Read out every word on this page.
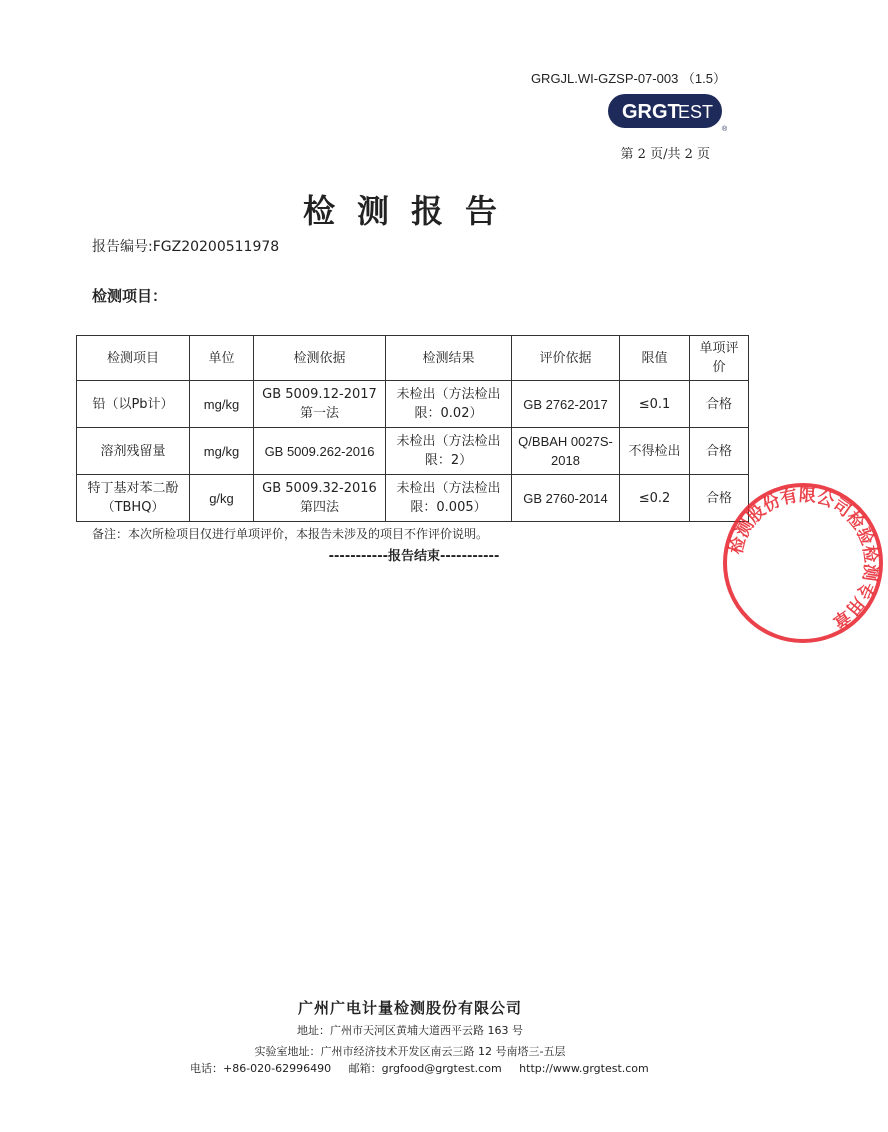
GRGJL.WI-GZSP-07-003 （1.5）
GRGT
EST
®
第 2 页/共 2 页
检测报告
报告编号:FGZ20200511978
检测项目：
检测项目	单位	检测依据	检测结果	评价依据	限值	单项评价
铅（以Pb计）	mg/kg	GB 5009.12-2017 第一法	未检出（方法检出限：0.02）	GB 2762-2017	≤0.1	合格
溶剂残留量	mg/kg	GB 5009.262-2016	未检出（方法检出限：2）	Q/BBAH 0027S-2018	不得检出	合格
特丁基对苯二酚（TBHQ）	g/kg	GB 5009.32-2016 第四法	未检出（方法检出限：0.005）	GB 2760-2014	≤0.2	合格
备注：本次所检项目仅进行单项评价，本报告未涉及的项目不作评价说明。
-----------报告结束-----------
检测股份有限公司检验检测专用章
广州广电计量检测股份有限公司
地址：广州市天河区黄埔大道西平云路 163 号
实验室地址：广州市经济技术开发区南云三路 12 号南塔三-五层
电话：+86-020-62996490 邮箱：grgfood@grgtest.com http://www.grgtest.com
